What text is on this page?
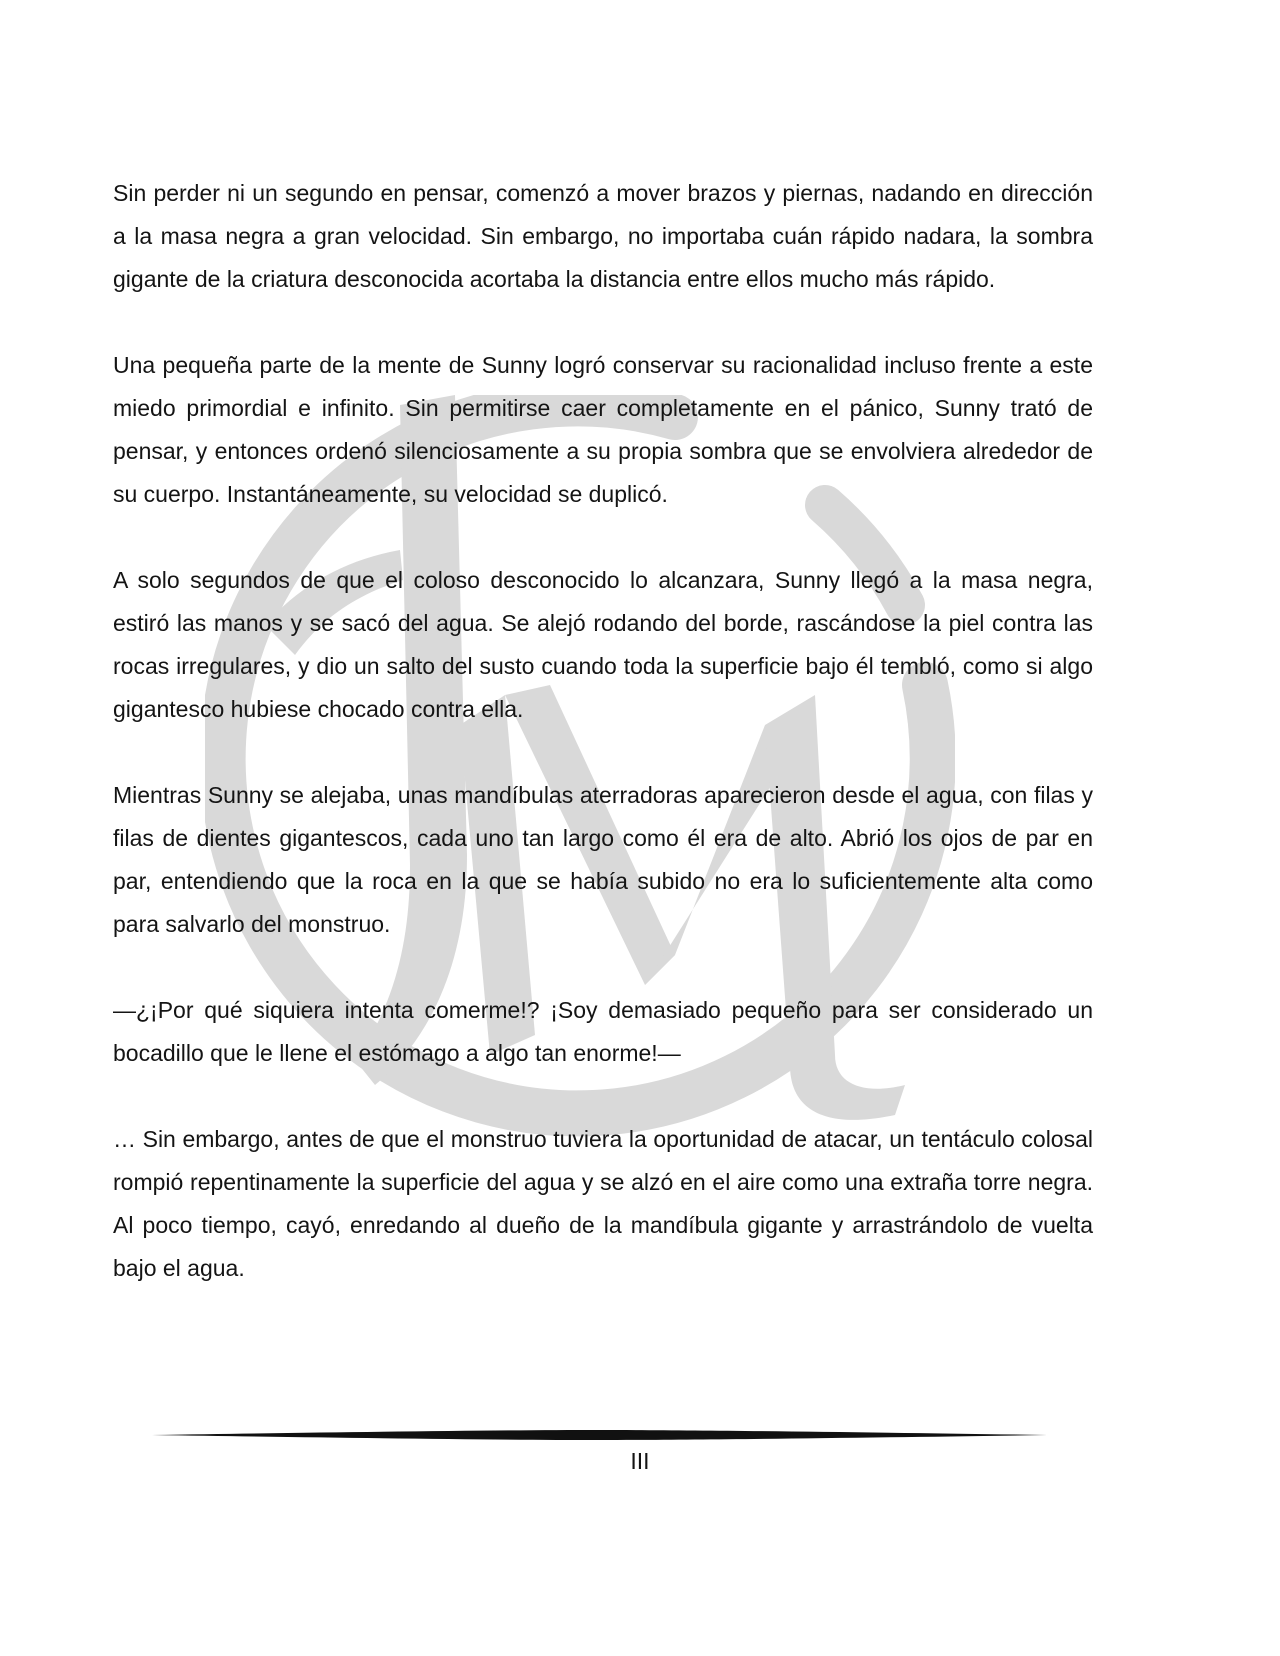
Sin perder ni un segundo en pensar, comenzó a mover brazos y piernas, nadando en dirección a la masa negra a gran velocidad. Sin embargo, no importaba cuán rápido nadara, la sombra gigante de la criatura desconocida acortaba la distancia entre ellos mucho más rápido.

Una pequeña parte de la mente de Sunny logró conservar su racionalidad incluso frente a este miedo primordial e infinito. Sin permitirse caer completamente en el pánico, Sunny trató de pensar, y entonces ordenó silenciosamente a su propia sombra que se envolviera alrededor de su cuerpo. Instantáneamente, su velocidad se duplicó.

A solo segundos de que el coloso desconocido lo alcanzara, Sunny llegó a la masa negra, estiró las manos y se sacó del agua. Se alejó rodando del borde, rascándose la piel contra las rocas irregulares, y dio un salto del susto cuando toda la superficie bajo él tembló, como si algo gigantesco hubiese chocado contra ella.

Mientras Sunny se alejaba, unas mandíbulas aterradoras aparecieron desde el agua, con filas y filas de dientes gigantescos, cada uno tan largo como él era de alto. Abrió los ojos de par en par, entendiendo que la roca en la que se había subido no era lo suficientemente alta como para salvarlo del monstruo.

—¿¡Por qué siquiera intenta comerme!? ¡Soy demasiado pequeño para ser considerado un bocadillo que le llene el estómago a algo tan enorme!—

… Sin embargo, antes de que el monstruo tuviera la oportunidad de atacar, un tentáculo colosal rompió repentinamente la superficie del agua y se alzó en el aire como una extraña torre negra. Al poco tiempo, cayó, enredando al dueño de la mandíbula gigante y arrastrándolo de vuelta bajo el agua.

III
